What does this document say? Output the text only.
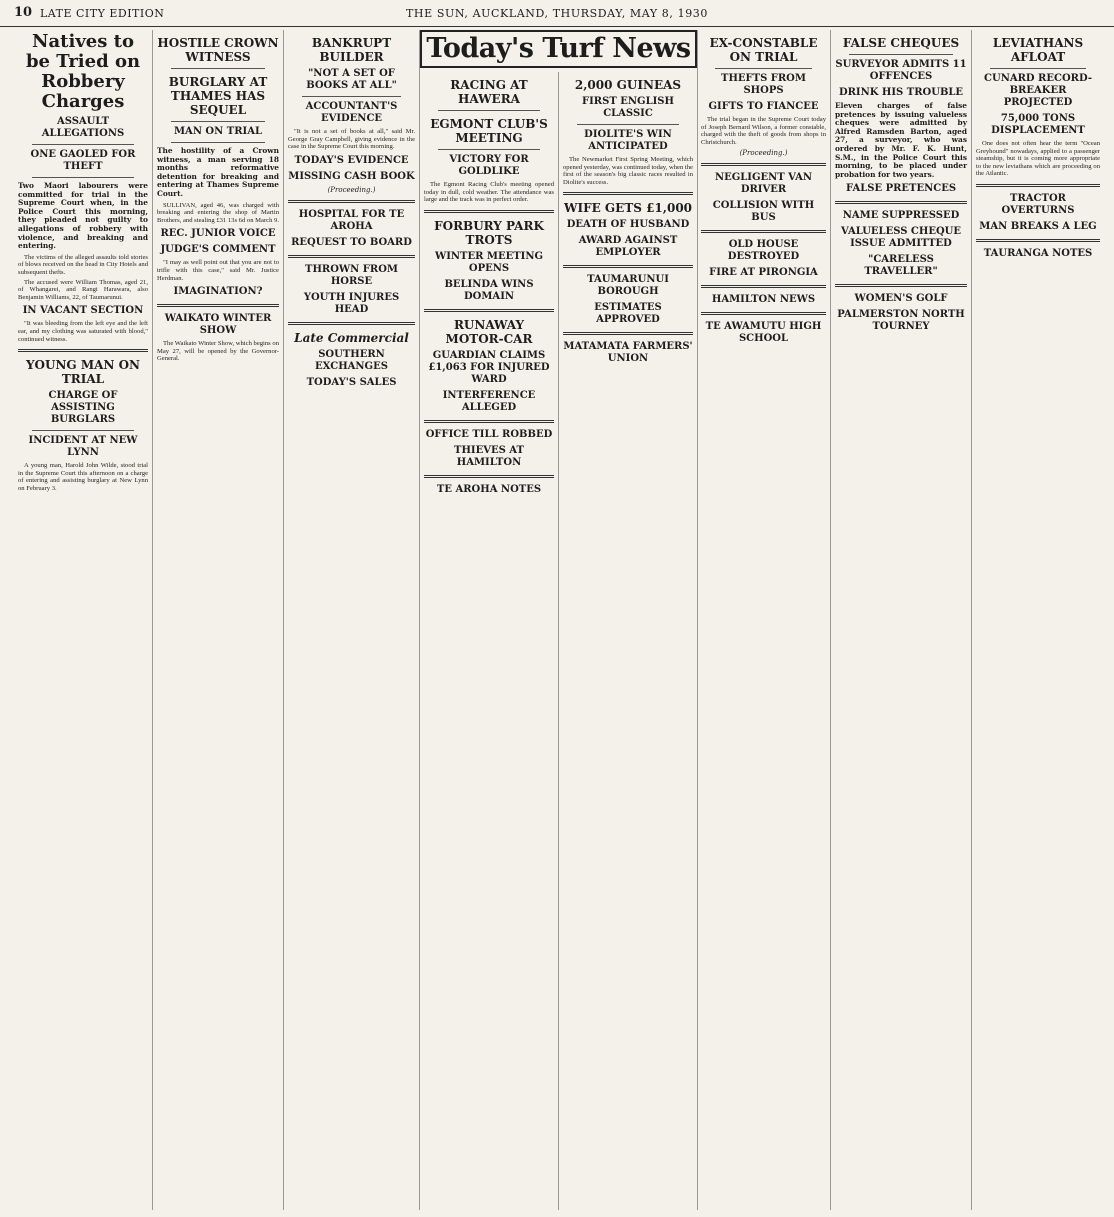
10 LATE CITY EDITION	THE SUN, AUCKLAND, THURSDAY, MAY 8, 1930
Natives to be Tried on Robbery Charges
ASSAULT ALLEGATIONS
ONE GAOLED FOR THEFT

Two Maori labourers were committed for trial in the Supreme Court when, in the Police Court this morning, they pleaded not guilty to allegations of robbery with violence, and breaking and entering.

The victims of the alleged assaults told stories of blows received on the head in City Hotels and subsequent thefts.

The accused were William Thomas, aged 21, of Whangarei, and Rangi Harawara, also Benjamin Williams, 22, of Taumarunui.

IN VACANT SECTION

"It was bleeding from the left eye and the left ear, and my clothing was saturated with blood," continued witness.

YOUNG MAN ON TRIAL
CHARGE OF ASSISTING BURGLARS
INCIDENT AT NEW LYNN

A young man, Harold John Wilde, stood trial in the Supreme Court this afternoon on a charge of entering and assisting burglary at New Lynn on February 3.

HOSTILE CROWN WITNESS
BURGLARY AT THAMES HAS SEQUEL
MAN ON TRIAL

The hostility of a Crown witness, a man serving 18 months reformative detention for breaking and entering at Thames Supreme Court.

SULLIVAN, aged 46, was charged with breaking and entering the shop of Martin Brothers, and stealing £31 13s 6d on March 9.

REC. JUNIOR VOICE
JUDGE'S COMMENT

"I may as well point out that you are not to trifle with this case," said Mr. Justice Herdman.

IMAGINATION?
WAIKATO WINTER SHOW

The Waikato Winter Show, which begins on May 27, will be opened by the Governor-General.

BANKRUPT BUILDER
"NOT A SET OF BOOKS AT ALL"
ACCOUNTANT'S EVIDENCE

"It is not a set of books at all," said Mr. George Gray Campbell, giving evidence in the case in the Supreme Court this morning.

TODAY'S EVIDENCE
MISSING CASH BOOK

(Proceeding.)

HOSPITAL FOR TE AROHA
REQUEST TO BOARD
THROWN FROM HORSE
YOUTH INJURES HEAD
Late Commercial
SOUTHERN EXCHANGES
TODAY'S SALES
Today's Turf News
RACING AT HAWERA
EGMONT CLUB'S MEETING
VICTORY FOR GOLDLIKE

The Egmont Racing Club's meeting opened today in dull, cold weather. The attendance was large and the track was in perfect order.

FORBURY PARK TROTS
WINTER MEETING OPENS
BELINDA WINS DOMAIN
RUNAWAY MOTOR-CAR
GUARDIAN CLAIMS £1,063 FOR INJURED WARD
INTERFERENCE ALLEGED
OFFICE TILL ROBBED
THIEVES AT HAMILTON
TE AROHA NOTES
2,000 GUINEAS
FIRST ENGLISH CLASSIC
DIOLITE'S WIN ANTICIPATED

The Newmarket First Spring Meeting, which opened yesterday, was continued today, when the first of the season's big classic races resulted in Diolite's success.

WIFE GETS £1,000
DEATH OF HUSBAND
AWARD AGAINST EMPLOYER
TAUMARUNUI BOROUGH
ESTIMATES APPROVED
MATAMATA FARMERS' UNION
EX-CONSTABLE ON TRIAL
THEFTS FROM SHOPS
GIFTS TO FIANCEE

The trial began in the Supreme Court today of Joseph Bernard Wilson, a former constable, charged with the theft of goods from shops in Christchurch.

(Proceeding.)

NEGLIGENT VAN DRIVER
COLLISION WITH BUS
OLD HOUSE DESTROYED
FIRE AT PIRONGIA
HAMILTON NEWS
TE AWAMUTU HIGH SCHOOL
FALSE CHEQUES
SURVEYOR ADMITS 11 OFFENCES
DRINK HIS TROUBLE

Eleven charges of false pretences by issuing valueless cheques were admitted by Alfred Ramsden Barton, aged 27, a surveyor, who was ordered by Mr. F. K. Hunt, S.M., in the Police Court this morning, to be placed under probation for two years.

FALSE PRETENCES
NAME SUPPRESSED
VALUELESS CHEQUE ISSUE ADMITTED
"CARELESS TRAVELLER"
WOMEN'S GOLF
PALMERSTON NORTH TOURNEY
LEVIATHANS AFLOAT
CUNARD RECORD-BREAKER PROJECTED
75,000 TONS DISPLACEMENT

One does not often hear the term "Ocean Greyhound" nowadays, applied to a passenger steamship, but it is coming more appropriate to the new leviathans which are proceeding on the Atlantic.

TRACTOR OVERTURNS
MAN BREAKS A LEG
TAURANGA NOTES
